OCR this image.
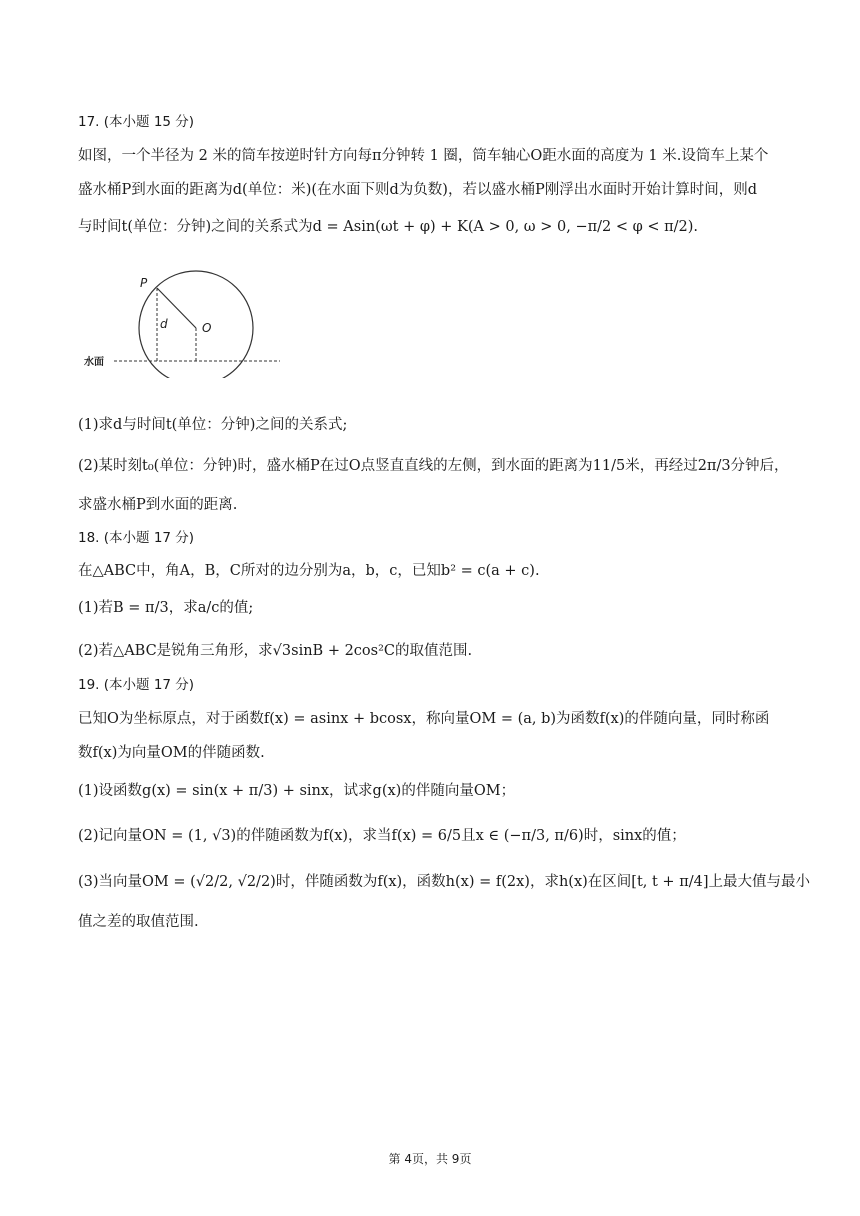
17. (本小题 15 分)
如图，一个半径为 2 米的筒车按逆时针方向每π分钟转 1 圈，筒车轴心O距水面的高度为 1 米.设筒车上某个
盛水桶P到水面的距离为d(单位：米)(在水面下则d为负数)，若以盛水桶P刚浮出水面时开始计算时间，则d
与时间t(单位：分钟)之间的关系式为d = Asin(ωt + φ) + K(A > 0, ω > 0, −π/2 < φ < π/2).
P
O
d
水面
(1)求d与时间t(单位：分钟)之间的关系式;
(2)某时刻t₀(单位：分钟)时，盛水桶P在过O点竖直直线的左侧，到水面的距离为11/5米，再经过2π/3分钟后，
求盛水桶P到水面的距离.
18. (本小题 17 分)
在△ABC中，角A，B，C所对的边分别为a，b，c，已知b² = c(a + c).
(1)若B = π/3，求a/c的值;
(2)若△ABC是锐角三角形，求√3sinB + 2cos²C的取值范围.
19. (本小题 17 分)
已知O为坐标原点，对于函数f(x) = asinx + bcosx，称向量OM = (a, b)为函数f(x)的伴随向量，同时称函
数f(x)为向量OM的伴随函数.
(1)设函数g(x) = sin(x + π/3) + sinx，试求g(x)的伴随向量OM；
(2)记向量ON = (1, √3)的伴随函数为f(x)，求当f(x) = 6/5且x ∈ (−π/3, π/6)时，sinx的值；
(3)当向量OM = (√2/2, √2/2)时，伴随函数为f(x)，函数h(x) = f(2x)，求h(x)在区间[t, t + π/4]上最大值与最小
值之差的取值范围.
第 4页，共 9页
